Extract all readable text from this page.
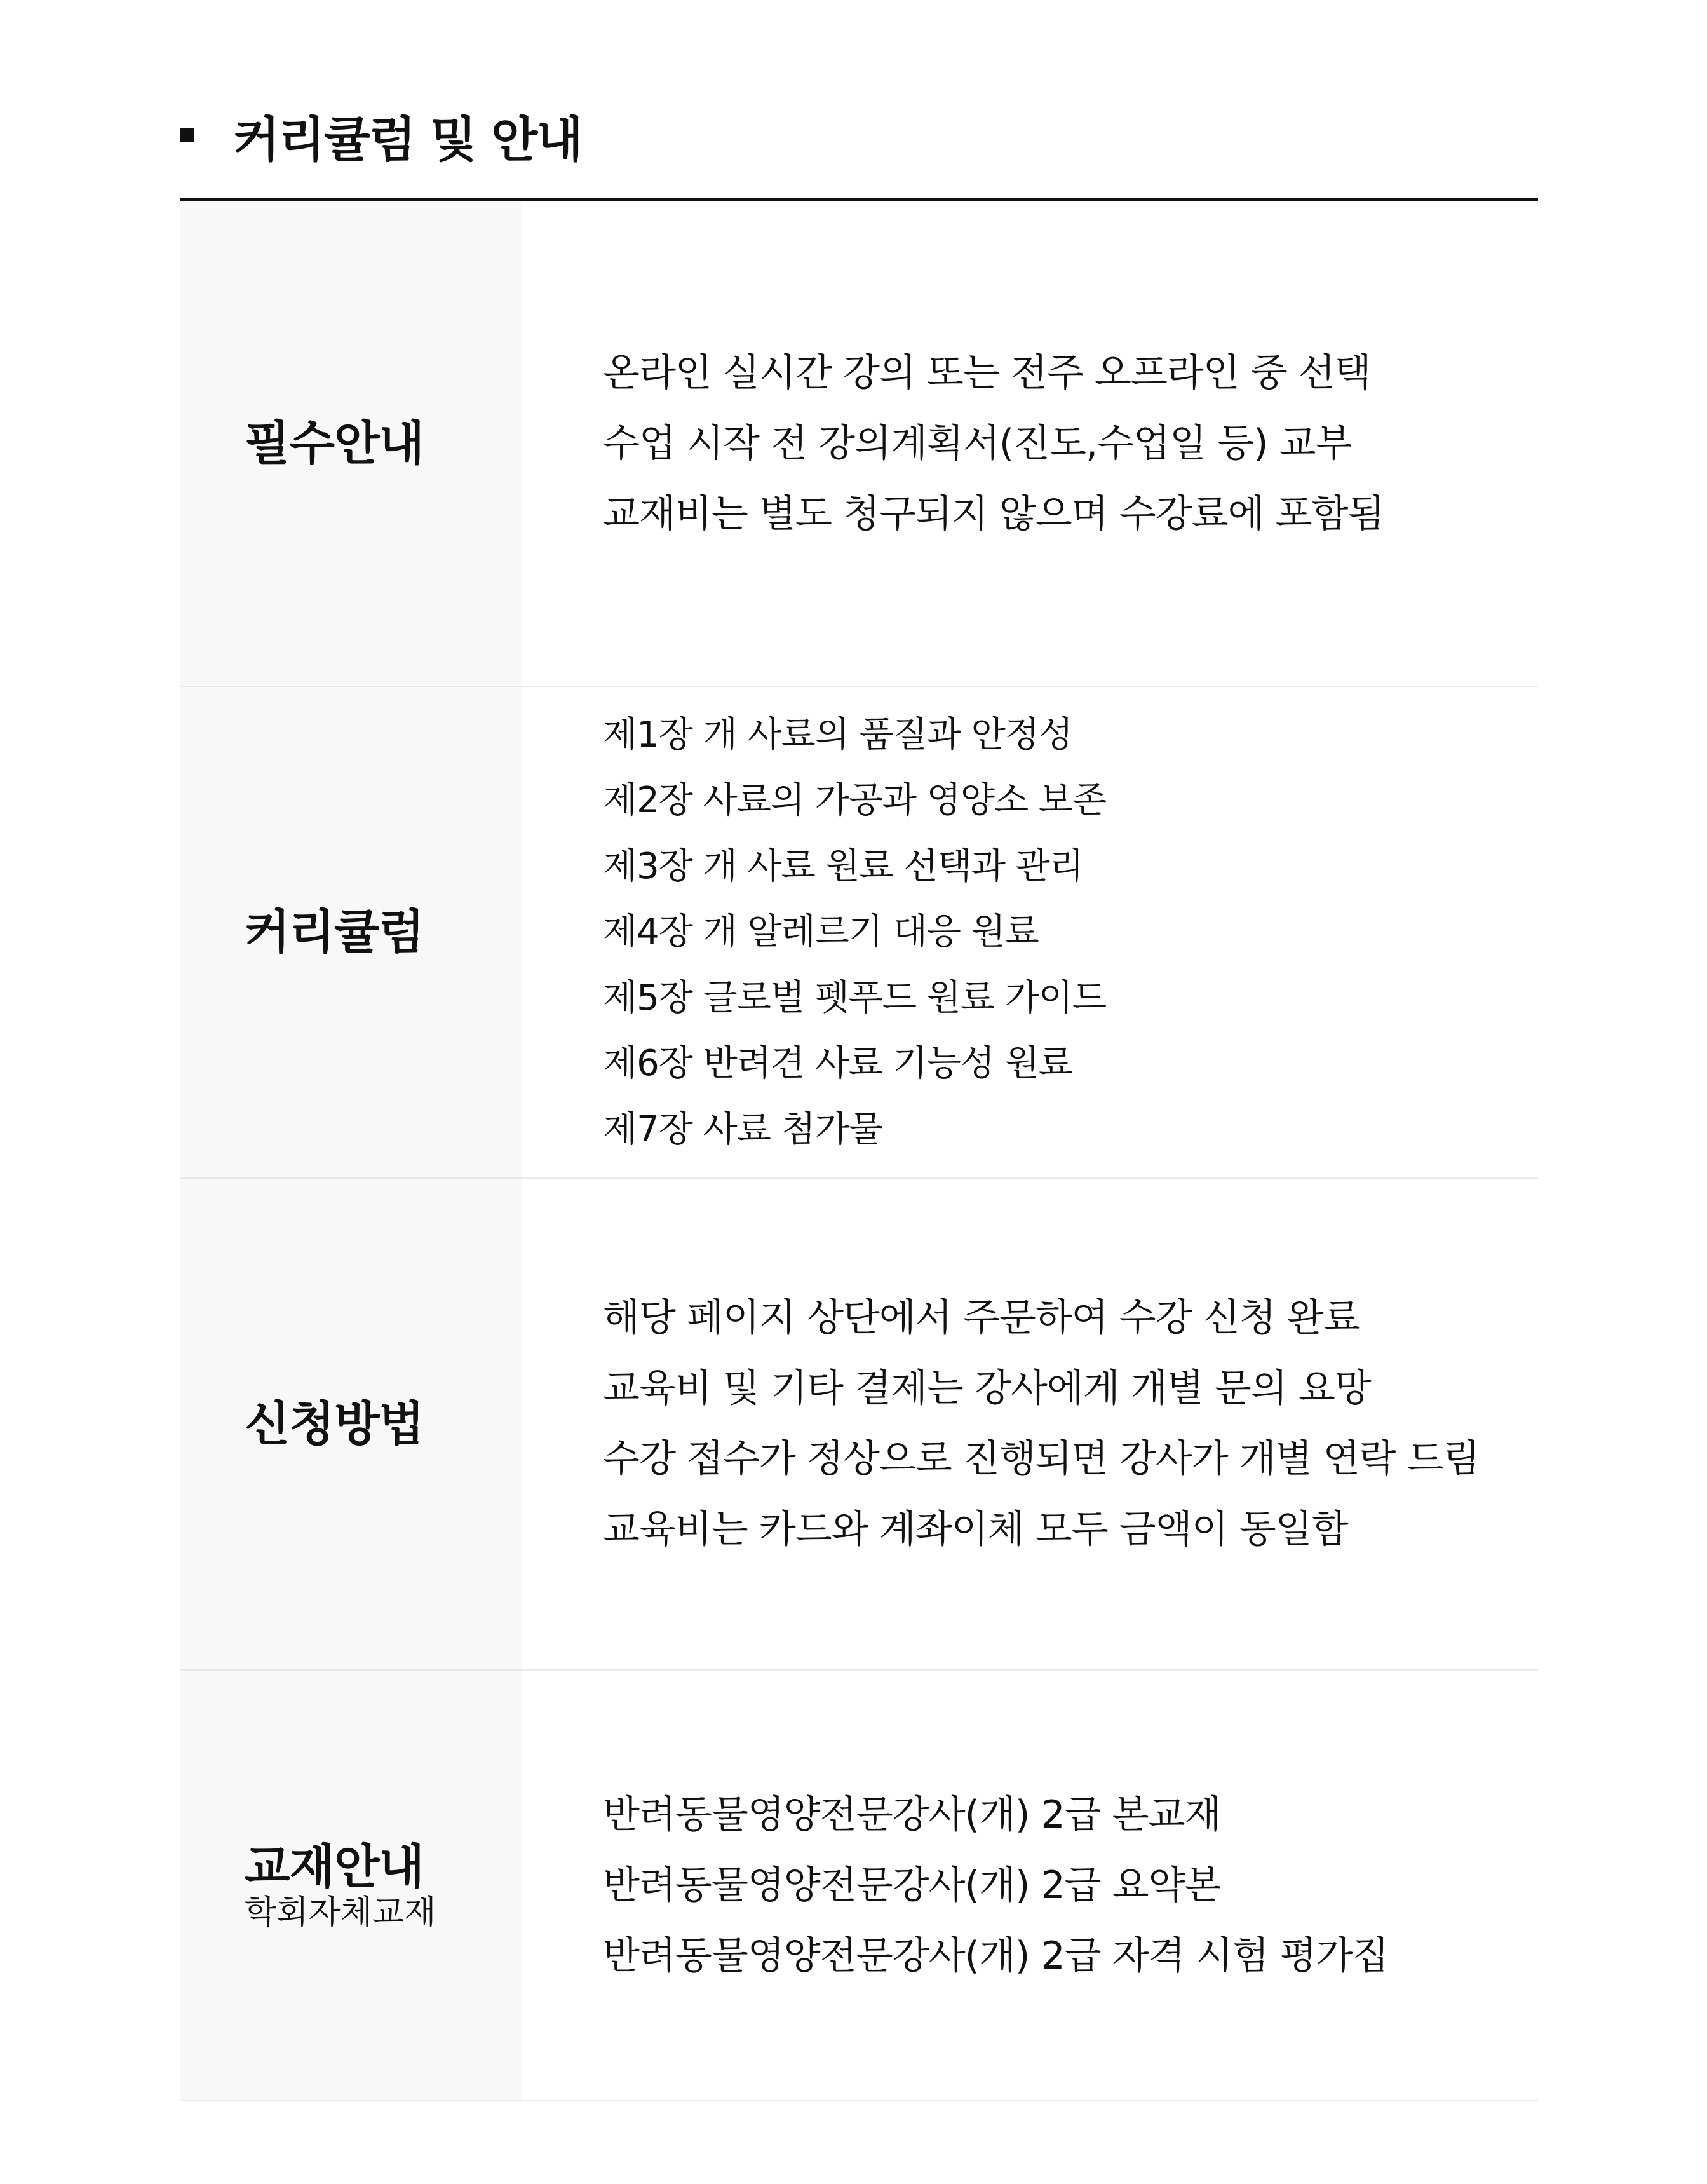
커리큘럼 및 안내
필수안내
온라인 실시간 강의 또는 전주 오프라인 중 선택
수업 시작 전 강의계획서(진도,수업일 등) 교부
교재비는 별도 청구되지 않으며 수강료에 포함됨
커리큘럼
제1장 개 사료의 품질과 안정성
제2장 사료의 가공과 영양소 보존
제3장 개 사료 원료 선택과 관리
제4장 개 알레르기 대응 원료
제5장 글로벌 펫푸드 원료 가이드
제6장 반려견 사료 기능성 원료
제7장 사료 첨가물
신청방법
해당 페이지 상단에서 주문하여 수강 신청 완료
교육비 및 기타 결제는 강사에게 개별 문의 요망
수강 접수가 정상으로 진행되면 강사가 개별 연락 드림
교육비는 카드와 계좌이체 모두 금액이 동일함
교재안내
학회자체교재
반려동물영양전문강사(개) 2급 본교재
반려동물영양전문강사(개) 2급 요약본
반려동물영양전문강사(개) 2급 자격 시험 평가집
